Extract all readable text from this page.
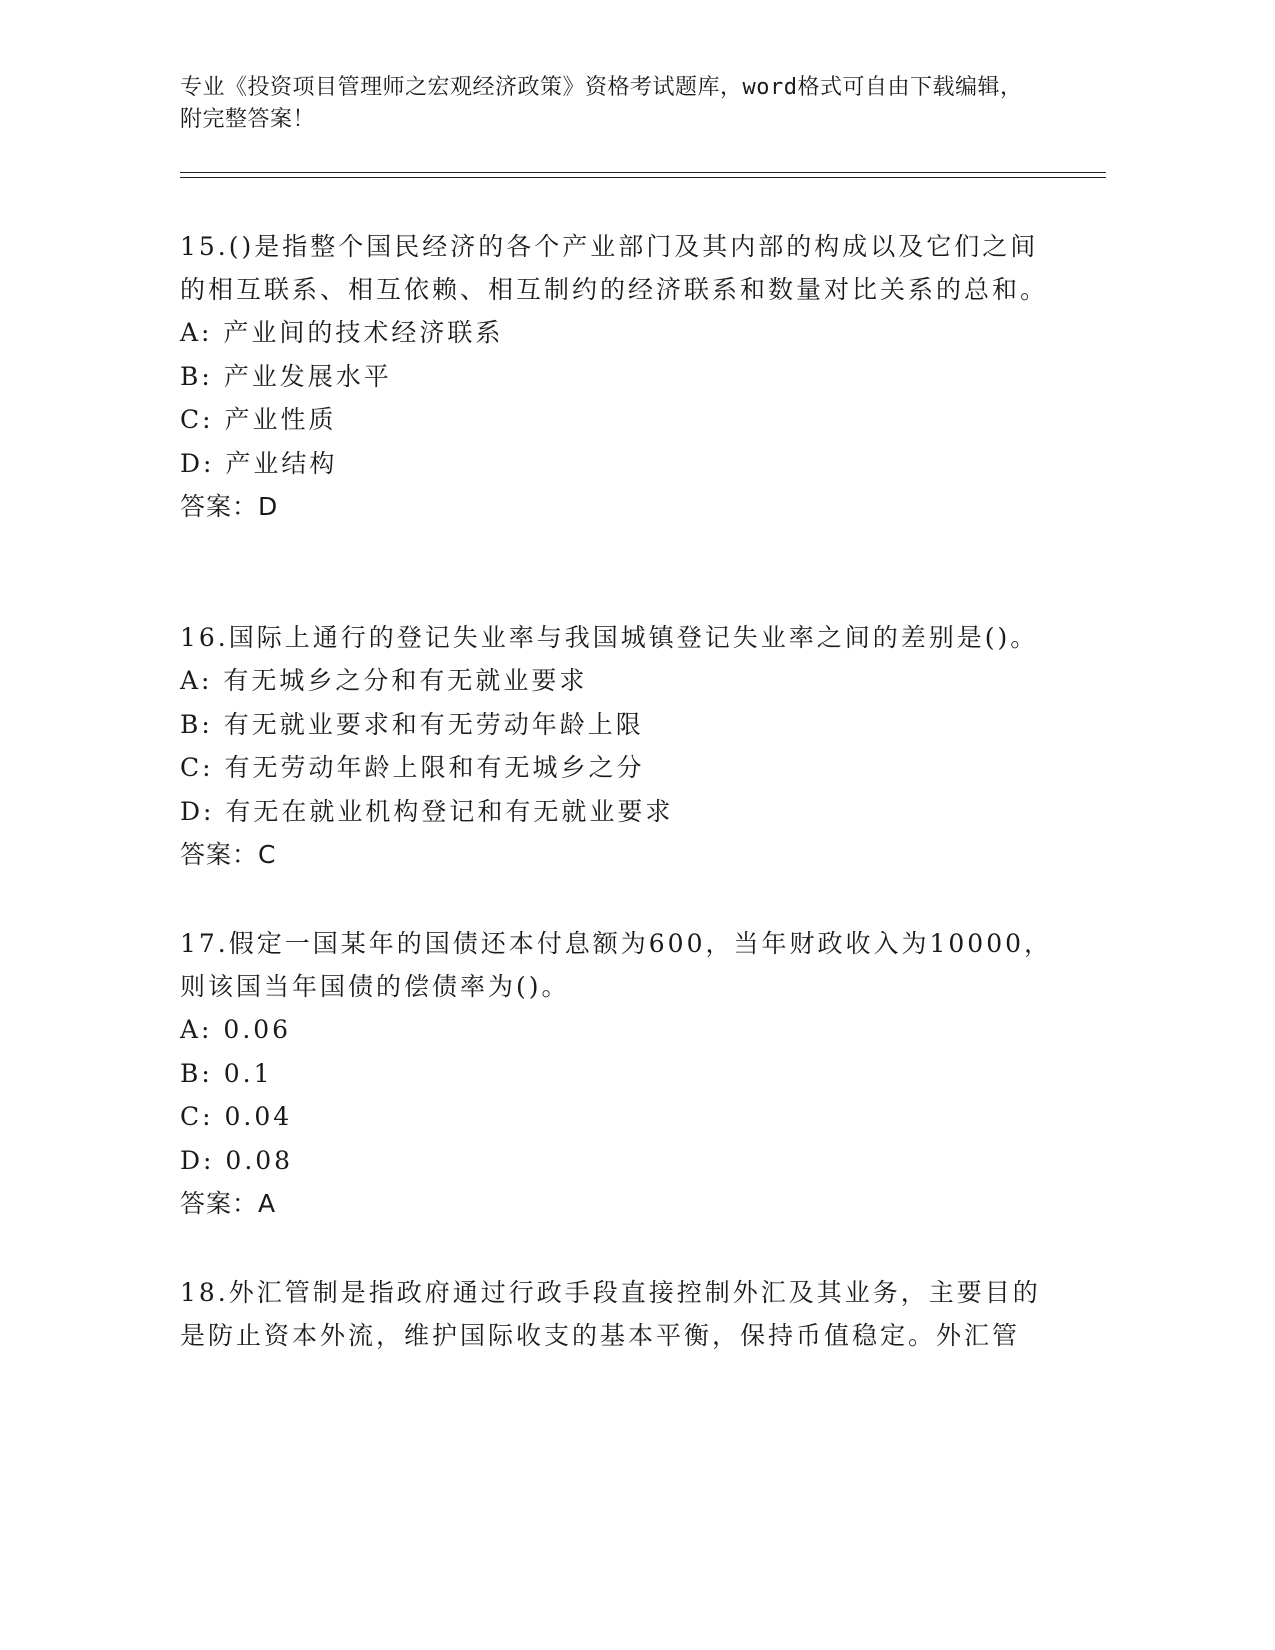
专业《投资项目管理师之宏观经济政策》资格考试题库，word格式可自由下载编辑，附完整答案！

15.()是指整个国民经济的各个产业部门及其内部的构成以及它们之间的相互联系、相互依赖、相互制约的经济联系和数量对比关系的总和。

A: 产业间的技术经济联系

B: 产业发展水平

C: 产业性质

D: 产业结构

答案：D

16.国际上通行的登记失业率与我国城镇登记失业率之间的差别是()。

A: 有无城乡之分和有无就业要求

B: 有无就业要求和有无劳动年龄上限

C: 有无劳动年龄上限和有无城乡之分

D: 有无在就业机构登记和有无就业要求

答案：C

17.假定一国某年的国债还本付息额为600，当年财政收入为10000，则该国当年国债的偿债率为()。

A: 0.06

B: 0.1

C: 0.04

D: 0.08

答案：A

18.外汇管制是指政府通过行政手段直接控制外汇及其业务，主要目的是防止资本外流，维护国际收支的基本平衡，保持币值稳定。外汇管
